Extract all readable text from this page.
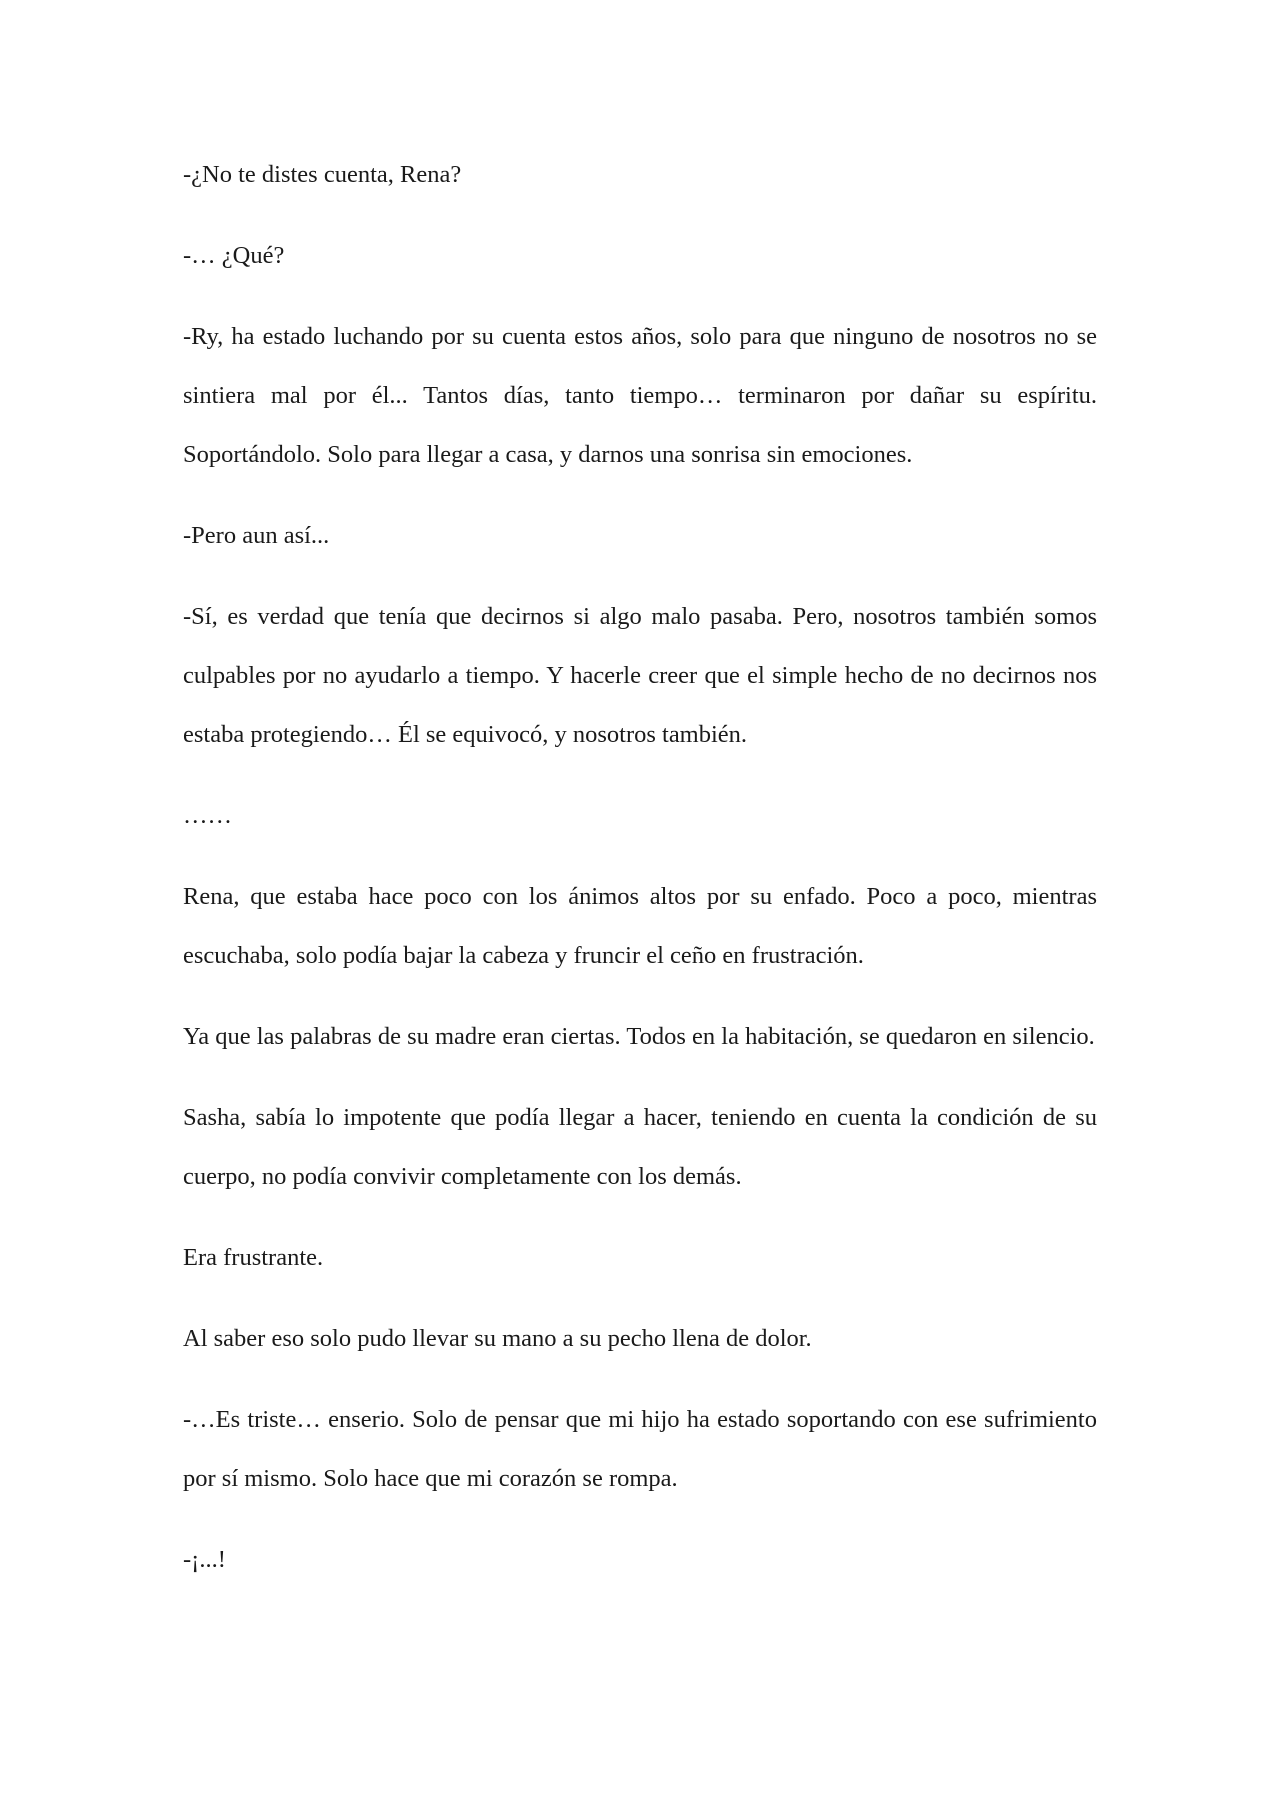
-¿No te distes cuenta, Rena?

-… ¿Qué?

-Ry, ha estado luchando por su cuenta estos años, solo para que ninguno de nosotros no se sintiera mal por él... Tantos días, tanto tiempo… terminaron por dañar su espíritu. Soportándolo. Solo para llegar a casa, y darnos una sonrisa sin emociones.

-Pero aun así...

-Sí, es verdad que tenía que decirnos si algo malo pasaba. Pero, nosotros también somos culpables por no ayudarlo a tiempo. Y hacerle creer que el simple hecho de no decirnos nos estaba protegiendo… Él se equivocó, y nosotros también.

……

Rena, que estaba hace poco con los ánimos altos por su enfado. Poco a poco, mientras escuchaba, solo podía bajar la cabeza y fruncir el ceño en frustración.

Ya que las palabras de su madre eran ciertas. Todos en la habitación, se quedaron en silencio.

Sasha, sabía lo impotente que podía llegar a hacer, teniendo en cuenta la condición de su cuerpo, no podía convivir completamente con los demás.

Era frustrante.

Al saber eso solo pudo llevar su mano a su pecho llena de dolor.

-…Es triste… enserio. Solo de pensar que mi hijo ha estado soportando con ese sufrimiento por sí mismo. Solo hace que mi corazón se rompa.

-¡...!
